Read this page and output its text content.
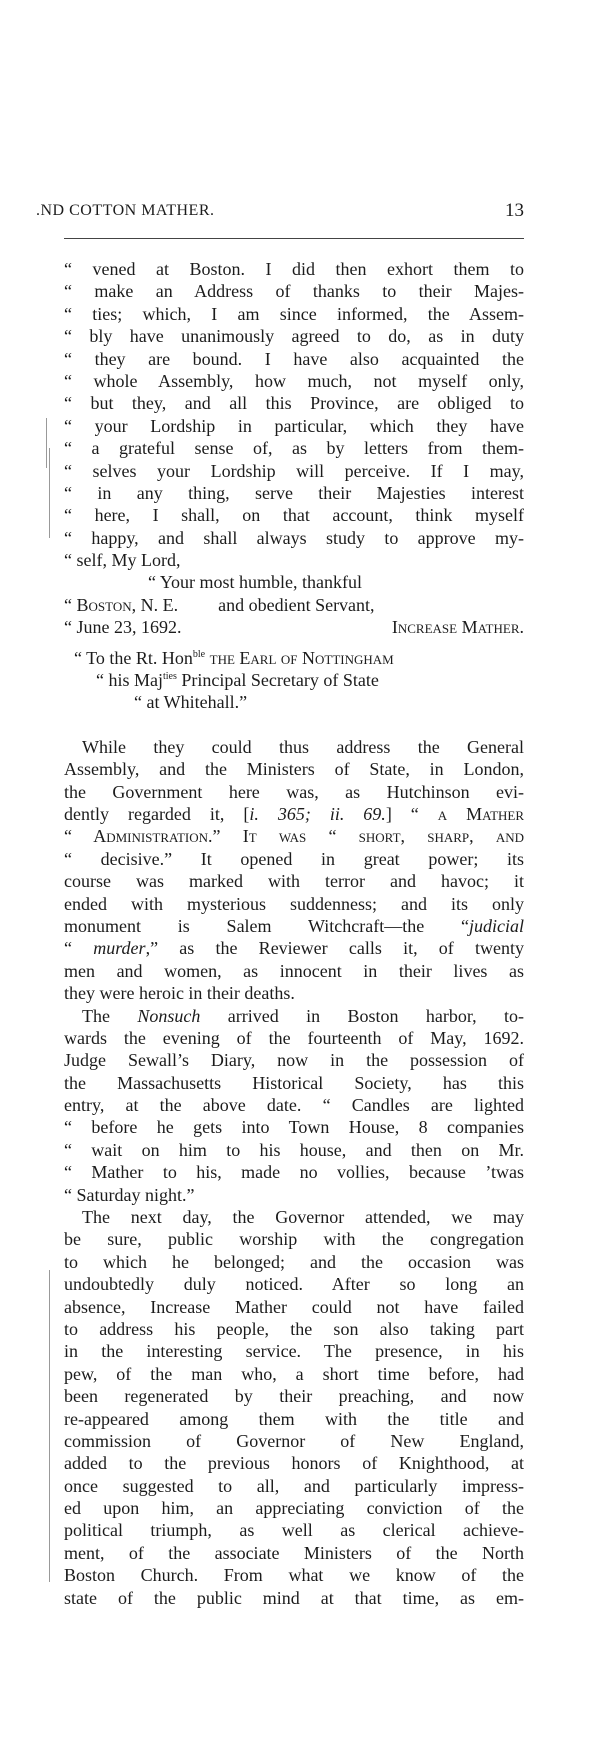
.ND COTTON MATHER.	13
“ vened at Boston. I did then exhort them to
“ make an Address of thanks to their Majes-
“ ties; which, I am since informed, the Assem-
“ bly have unanimously agreed to do, as in duty
“ they are bound. I have also acquainted the
“ whole Assembly, how much, not myself only,
“ but they, and all this Province, are obliged to
“ your Lordship in particular, which they have
“ a grateful sense of, as by letters from them-
“ selves your Lordship will perceive. If I may,
“ in any thing, serve their Majesties interest
“ here, I shall, on that account, think myself
“ happy, and shall always study to approve my-
“ self, My Lord,
“ Your most humble, thankful
“ Boston, N. E.	and obedient Servant,
“ June 23, 1692.	Increase Mather.
“ To the Rt. Hon$^{ble}$ the Earl of Nottingham
“ his Maj$^{ties}$ Principal Secretary of State
“ at Whitehall.”
While they could thus address the General
Assembly, and the Ministers of State, in London,
the Government here was, as Hutchinson evi-
dently regarded it, [i. 365; ii. 69.] “ a Mather
“ Administration.” It was “ short, sharp, and
“ decisive.” It opened in great power; its
course was marked with terror and havoc; it
ended with mysterious suddenness; and its only
monument is Salem Witchcraft—the “judicial
“ murder,” as the Reviewer calls it, of twenty
men and women, as innocent in their lives as
they were heroic in their deaths.
The Nonsuch arrived in Boston harbor, to-
wards the evening of the fourteenth of May, 1692.
Judge Sewall’s Diary, now in the possession of
the Massachusetts Historical Society, has this
entry, at the above date. “ Candles are lighted
“ before he gets into Town House, 8 companies
“ wait on him to his house, and then on Mr.
“ Mather to his, made no vollies, because ’twas
“ Saturday night.”
The next day, the Governor attended, we may
be sure, public worship with the congregation
to which he belonged; and the occasion was
undoubtedly duly noticed. After so long an
absence, Increase Mather could not have failed
to address his people, the son also taking part
in the interesting service. The presence, in his
pew, of the man who, a short time before, had
been regenerated by their preaching, and now
re-appeared among them with the title and
commission of Governor of New England,
added to the previous honors of Knighthood, at
once suggested to all, and particularly impress-
ed upon him, an appreciating conviction of the
political triumph, as well as clerical achieve-
ment, of the associate Ministers of the North
Boston Church. From what we know of the
state of the public mind at that time, as em-
